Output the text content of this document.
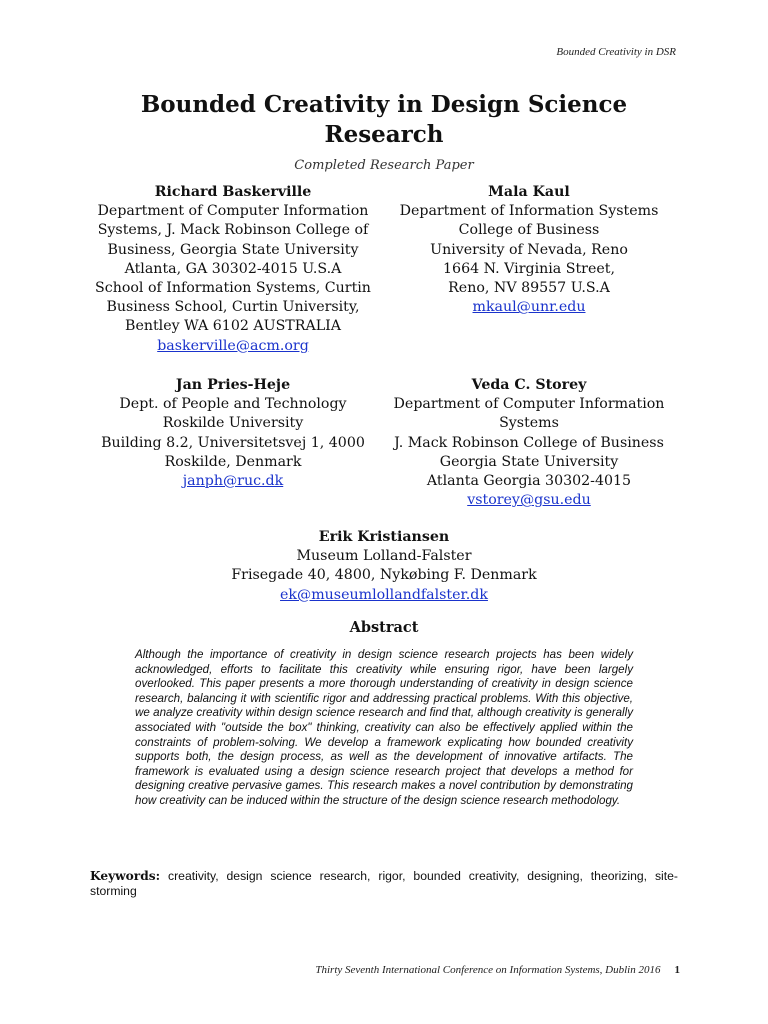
Bounded Creativity in DSR
Bounded Creativity in Design Science Research
Completed Research Paper
Richard Baskerville
Department of Computer Information
Systems, J. Mack Robinson College of
Business, Georgia State University
Atlanta, GA 30302-4015 U.S.A
School of Information Systems, Curtin
Business School, Curtin University,
Bentley WA 6102 AUSTRALIA
baskerville@acm.org
Mala Kaul
Department of Information Systems
College of Business
University of Nevada, Reno
1664 N. Virginia Street,
Reno, NV 89557 U.S.A
mkaul@unr.edu
Jan Pries-Heje
Dept. of People and Technology
Roskilde University
Building 8.2, Universitetsvej 1, 4000
Roskilde, Denmark
janph@ruc.dk
Veda C. Storey
Department of Computer Information
Systems
J. Mack Robinson College of Business
Georgia State University
Atlanta Georgia 30302-4015
vstorey@gsu.edu
Erik Kristiansen
Museum Lolland-Falster
Frisegade 40, 4800, Nykøbing F. Denmark
ek@museumlollandfalster.dk
Abstract

Although the importance of creativity in design science research projects has been widely acknowledged, efforts to facilitate this creativity while ensuring rigor, have been largely overlooked. This paper presents a more thorough understanding of creativity in design science research, balancing it with scientific rigor and addressing practical problems. With this objective, we analyze creativity within design science research and find that, although creativity is generally associated with "outside the box" thinking, creativity can also be effectively applied within the constraints of problem-solving. We develop a framework explicating how bounded creativity supports both, the design process, as well as the development of innovative artifacts. The framework is evaluated using a design science research project that develops a method for designing creative pervasive games. This research makes a novel contribution by demonstrating how creativity can be induced within the structure of the design science research methodology.

Keywords: creativity, design science research, rigor, bounded creativity, designing, theorizing, site-storming
Thirty Seventh International Conference on Information Systems, Dublin 2016 1
